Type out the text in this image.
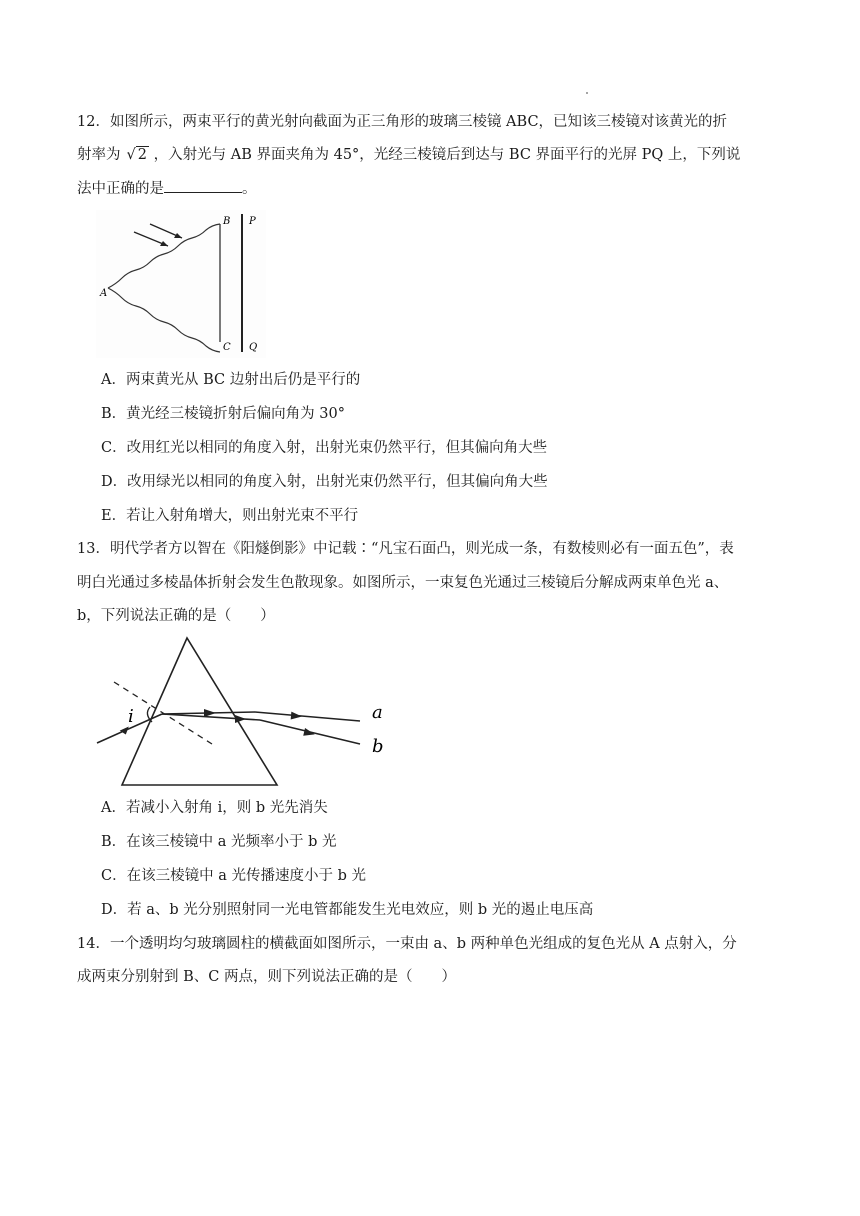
12．如图所示，两束平行的黄光射向截面为正三角形的玻璃三棱镜 ABC，已知该三棱镜对该黄光的折
射率为  √ 2 ，入射光与 AB 界面夹角为 45°，光经三棱镜后到达与 BC 界面平行的光屏 PQ 上，下列说
法中正确的是	。
A
B
C
P
Q
A．两束黄光从 BC 边射出后仍是平行的
B．黄光经三棱镜折射后偏向角为 30°
C．改用红光以相同的角度入射，出射光束仍然平行，但其偏向角大些
D．改用绿光以相同的角度入射，出射光束仍然平行，但其偏向角大些
E．若让入射角增大，则出射光束不平行
13．明代学者方以智在《阳燧倒影》中记载∶“凡宝石面凸，则光成一条，有数棱则必有一面五色”，表
明白光通过多棱晶体折射会发生色散现象。如图所示，一束复色光通过三棱镜后分解成两束单色光 a、
b，下列说法正确的是（　　）
i	a
b
A．若减小入射角 i，则 b 光先消失
B．在该三棱镜中 a 光频率小于 b 光
C．在该三棱镜中 a 光传播速度小于 b 光
D．若 a、b 光分别照射同一光电管都能发生光电效应，则 b 光的遏止电压高
14．一个透明均匀玻璃圆柱的横截面如图所示，一束由 a、b 两种单色光组成的复色光从 A 点射入，分
成两束分别射到 B、C 两点，则下列说法正确的是（　　）
